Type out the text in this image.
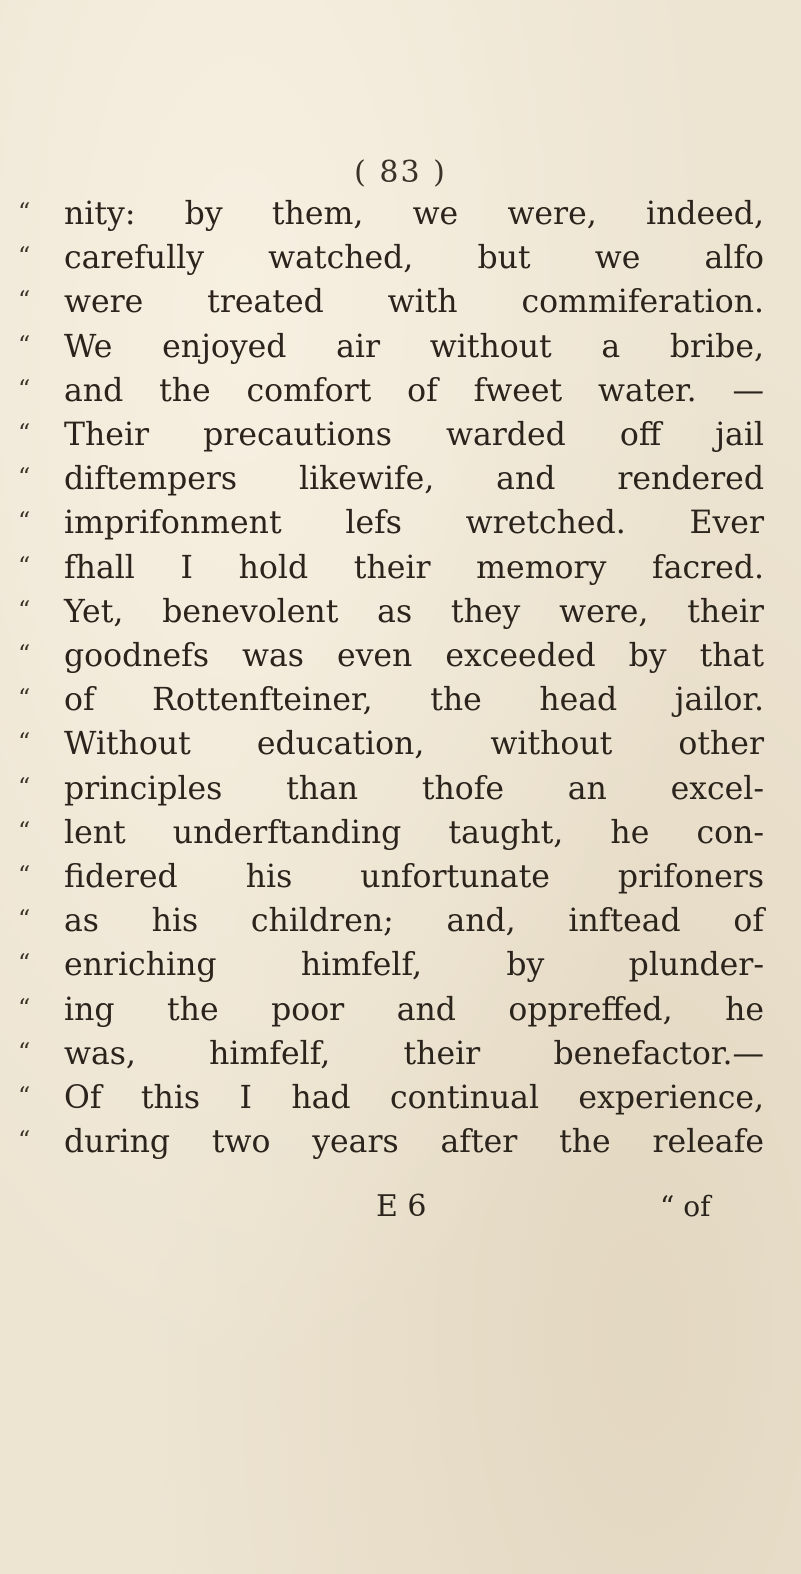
( 83 )
“ nity: by them, we were, indeed,
“ carefully watched, but we alfo
“ were treated with commiferation.
“ We enjoyed air without a bribe,
“ and the comfort of fweet water. —
“ Their precautions warded off jail
“ diftempers likewife, and rendered
“ imprifonment lefs wretched. Ever
“ fhall I hold their memory facred.
“ Yet, benevolent as they were, their
“ goodnefs was even exceeded by that
“ of Rottenfteiner, the head jailor.
“ Without education, without other
“ principles than thofe an excel-
“ lent underftanding taught, he con-
“ fidered his unfortunate prifoners
“ as his children; and, inftead of
“ enriching himfelf, by plunder-
“ ing the poor and oppreffed, he
“ was, himfelf, their benefactor.—
“ Of this I had continual experience,
“ during two years after the releafe
E 6	“ of
